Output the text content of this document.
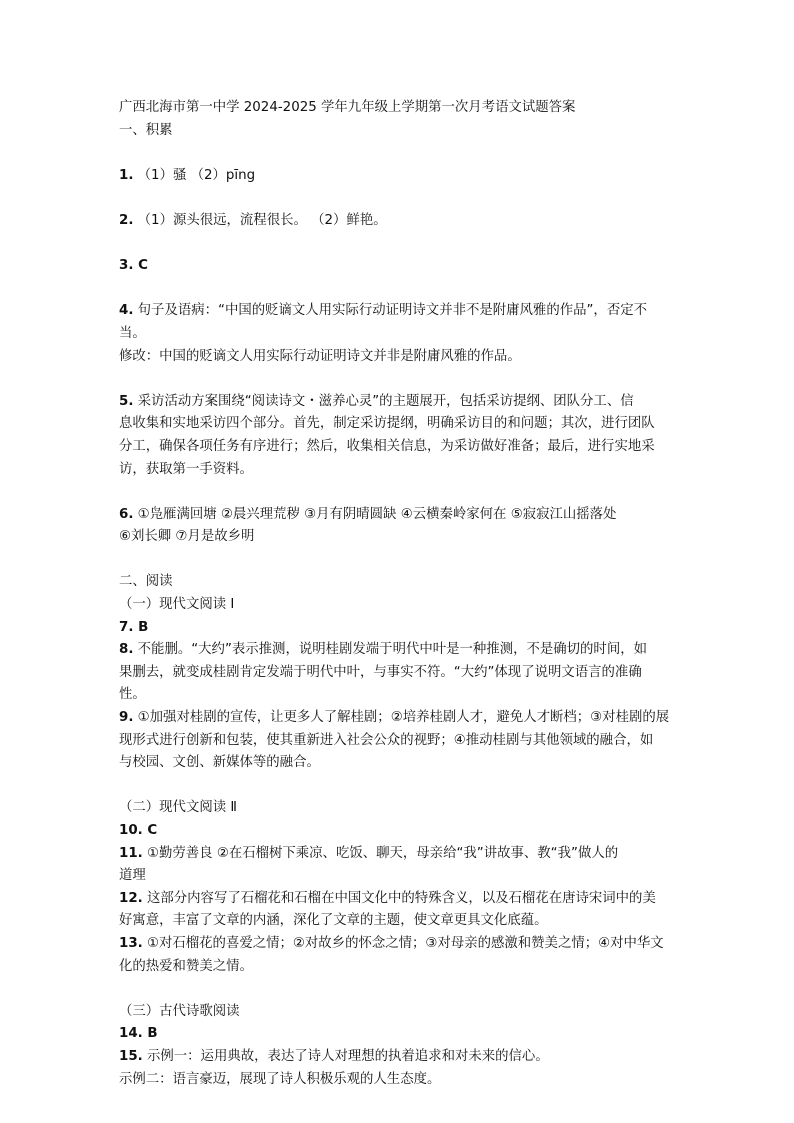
广西北海市第一中学 2024-2025 学年九年级上学期第一次月考语文试题答案
一、积累
1. （1）骚 （2）pīng
2. （1）源头很远，流程很长。 （2）鲜艳。
3. C
4. 句子及语病：“中国的贬谪文人用实际行动证明诗文并非不是附庸风雅的作品”，否定不
当。
修改：中国的贬谪文人用实际行动证明诗文并非是附庸风雅的作品。
5. 采访活动方案围绕“阅读诗文・滋养心灵”的主题展开，包括采访提纲、团队分工、信
息收集和实地采访四个部分。首先，制定采访提纲，明确采访目的和问题；其次，进行团队
分工，确保各项任务有序进行；然后，收集相关信息，为采访做好准备；最后，进行实地采
访，获取第一手资料。
6. ①凫雁满回塘 ②晨兴理荒秽 ③月有阴晴圆缺 ④云横秦岭家何在 ⑤寂寂江山摇落处
⑥刘长卿 ⑦月是故乡明
二、阅读
（一）现代文阅读 Ⅰ
7. B
8. 不能删。“大约”表示推测，说明桂剧发端于明代中叶是一种推测，不是确切的时间，如
果删去，就变成桂剧肯定发端于明代中叶，与事实不符。“大约”体现了说明文语言的准确
性。
9. ①加强对桂剧的宣传，让更多人了解桂剧；②培养桂剧人才，避免人才断档；③对桂剧的展
现形式进行创新和包装，使其重新进入社会公众的视野；④推动桂剧与其他领域的融合，如
与校园、文创、新媒体等的融合。
（二）现代文阅读 Ⅱ
10. C
11. ①勤劳善良 ②在石榴树下乘凉、吃饭、聊天，母亲给“我”讲故事、教“我”做人的
道理
12. 这部分内容写了石榴花和石榴在中国文化中的特殊含义，以及石榴花在唐诗宋词中的美
好寓意，丰富了文章的内涵，深化了文章的主题，使文章更具文化底蕴。
13. ①对石榴花的喜爱之情；②对故乡的怀念之情；③对母亲的感激和赞美之情；④对中华文
化的热爱和赞美之情。
（三）古代诗歌阅读
14. B
15. 示例一：运用典故，表达了诗人对理想的执着追求和对未来的信心。
示例二：语言豪迈，展现了诗人积极乐观的人生态度。
